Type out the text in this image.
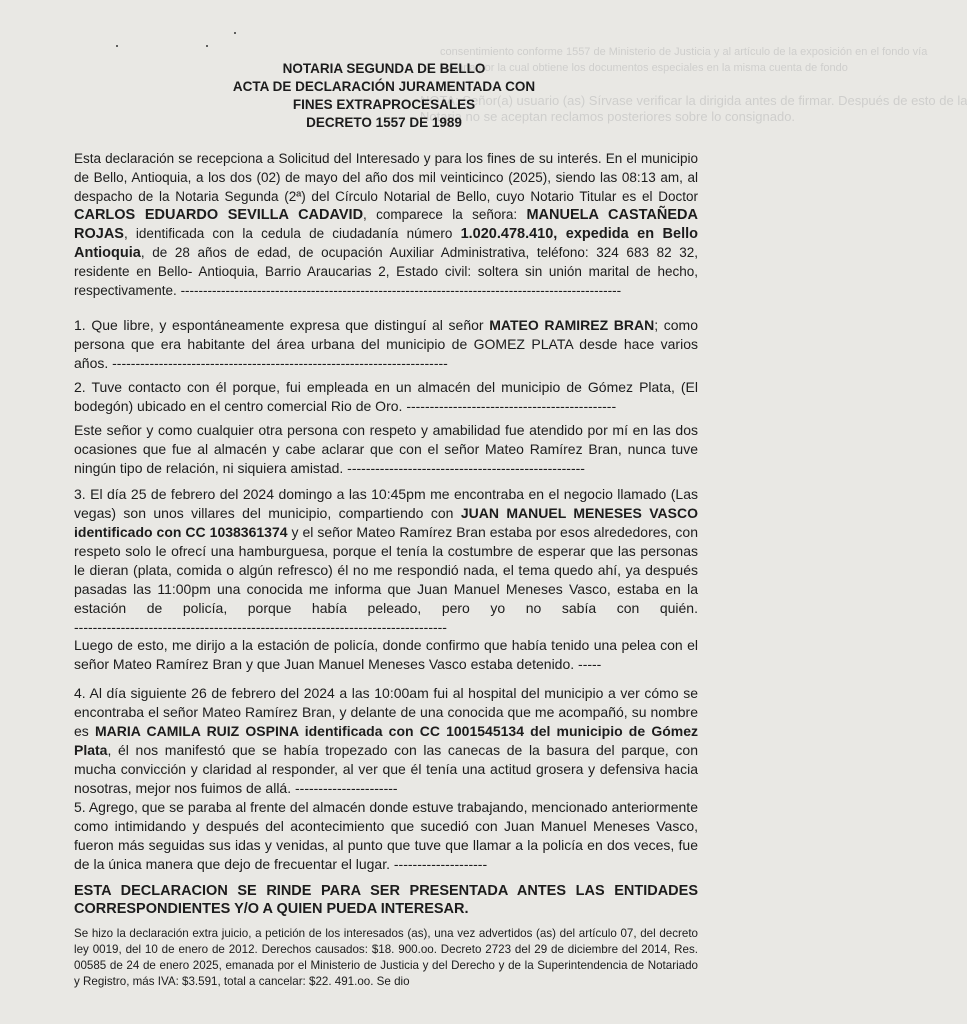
consentimiento conforme 1557 de Ministerio de Justicia y al artículo de la exposición en el fondo vía
Notaria por la cual obtiene los documentos especiales en la misma cuenta de fondo
NOTA: Señor(a) usuario (as) Sírvase verificar la dirigida antes de firmar. Después de esto de la
Notaria no se aceptan reclamos posteriores sobre lo consignado.
NOTARIA SEGUNDA DE BELLO
ACTA DE DECLARACIÓN JURAMENTADA CON
FINES EXTRAPROCESALES
DECRETO 1557 DE 1989
Esta declaración se recepciona a Solicitud del Interesado y para los fines de su interés. En el municipio de Bello, Antioquia, a los dos (02) de mayo del año dos mil veinticinco (2025), siendo las 08:13 am, al despacho de la Notaria Segunda (2ª) del Círculo Notarial de Bello, cuyo Notario Titular es el Doctor CARLOS EDUARDO SEVILLA CADAVID, comparece la señora: MANUELA CASTAÑEDA ROJAS, identificada con la cedula de ciudadanía número 1.020.478.410, expedida en Bello Antioquia, de 28 años de edad, de ocupación Auxiliar Administrativa, teléfono: 324 683 82 32, residente en Bello- Antioquia, Barrio Araucarias 2, Estado civil: soltera sin unión marital de hecho, respectivamente. --------------------------------------------------------------------------------------------------
1. Que libre, y espontáneamente expresa que distinguí al señor MATEO RAMIREZ BRAN; como persona que era habitante del área urbana del municipio de GOMEZ PLATA desde hace varios años. ------------------------------------------------------------------------
2. Tuve contacto con él porque, fui empleada en un almacén del municipio de Gómez Plata, (El bodegón) ubicado en el centro comercial Rio de Oro. ---------------------------------------------
Este señor y como cualquier otra persona con respeto y amabilidad fue atendido por mí en las dos ocasiones que fue al almacén y cabe aclarar que con el señor Mateo Ramírez Bran, nunca tuve ningún tipo de relación, ni siquiera amistad. ---------------------------------------------------
3. El día 25 de febrero del 2024 domingo a las 10:45pm me encontraba en el negocio llamado (Las vegas) son unos villares del municipio, compartiendo con JUAN MANUEL MENESES VASCO identificado con CC 1038361374 y el señor Mateo Ramírez Bran estaba por esos alrededores, con respeto solo le ofrecí una hamburguesa, porque el tenía la costumbre de esperar que las personas le dieran (plata, comida o algún refresco) él no me respondió nada, el tema quedo ahí, ya después pasadas las 11:00pm una conocida me informa que Juan Manuel Meneses Vasco, estaba en la estación de policía, porque había peleado, pero yo no sabía con quién. --------------------------------------------------------------------------------
Luego de esto, me dirijo a la estación de policía, donde confirmo que había tenido una pelea con el señor Mateo Ramírez Bran y que Juan Manuel Meneses Vasco estaba detenido. -----
4. Al día siguiente 26 de febrero del 2024 a las 10:00am fui al hospital del municipio a ver cómo se encontraba el señor Mateo Ramírez Bran, y delante de una conocida que me acompañó, su nombre es MARIA CAMILA RUIZ OSPINA identificada con CC 1001545134 del municipio de Gómez Plata, él nos manifestó que se había tropezado con las canecas de la basura del parque, con mucha convicción y claridad al responder, al ver que él tenía una actitud grosera y defensiva hacia nosotras, mejor nos fuimos de allá. ----------------------
5. Agrego, que se paraba al frente del almacén donde estuve trabajando, mencionado anteriormente como intimidando y después del acontecimiento que sucedió con Juan Manuel Meneses Vasco, fueron más seguidas sus idas y venidas, al punto que tuve que llamar a la policía en dos veces, fue de la única manera que dejo de frecuentar el lugar. --------------------
ESTA DECLARACION SE RINDE PARA SER PRESENTADA ANTES LAS ENTIDADES CORRESPONDIENTES Y/O A QUIEN PUEDA INTERESAR.
Se hizo la declaración extra juicio, a petición de los interesados (as), una vez advertidos (as) del artículo 07, del decreto ley 0019, del 10 de enero de 2012. Derechos causados: $18. 900.oo. Decreto 2723 del 29 de diciembre del 2014, Res. 00585 de 24 de enero 2025, emanada por el Ministerio de Justicia y del Derecho y de la Superintendencia de Notariado y Registro, más IVA: $3.591, total a cancelar: $22. 491.oo. Se dio
